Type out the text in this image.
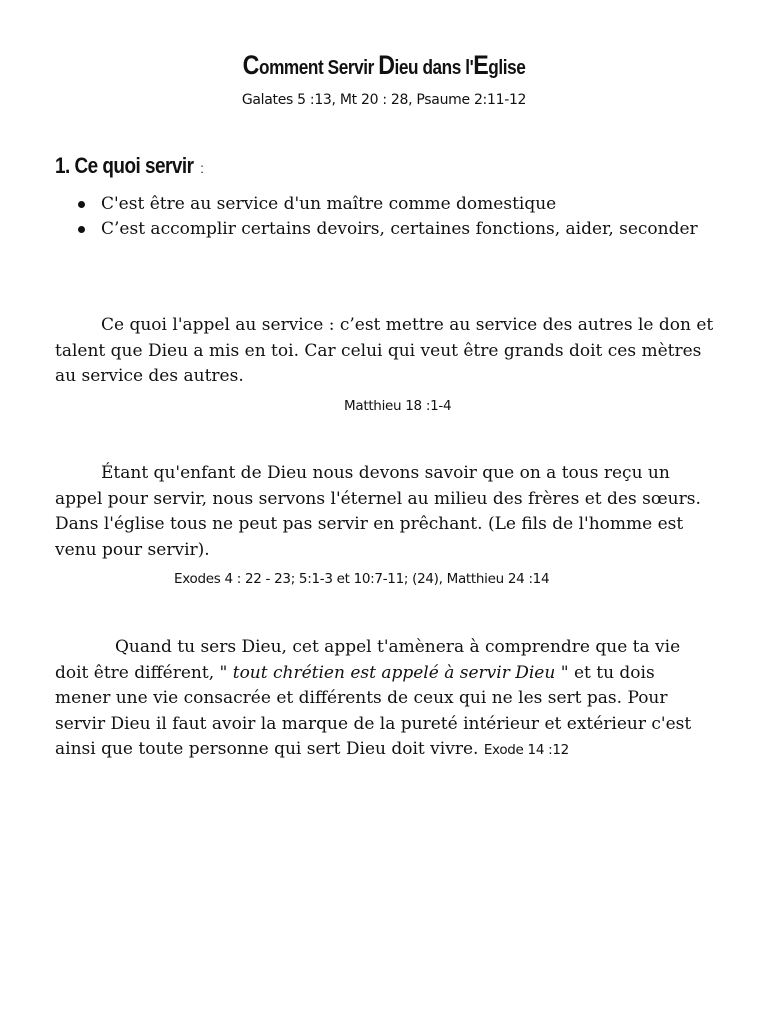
Comment Servir Dieu dans l'Eglise
Galates 5 :13, Mt 20 : 28, Psaume 2:11-12
1. Ce quoi servir :
C'est être au service d'un maître comme domestique
C’est accomplir certains devoirs, certaines fonctions, aider, seconder

Ce quoi l'appel au service : c’est mettre au service des autres le don et talent que Dieu a mis en toi. Car celui qui veut être grands doit ces mètres au service des autres.

Matthieu 18 :1-4

Étant qu'enfant de Dieu nous devons savoir que on a tous reçu un appel pour servir, nous servons l'éternel au milieu des frères et des sœurs. Dans l'église tous ne peut pas servir en prêchant. (Le fils de l'homme est venu pour servir).

Exodes 4 : 22 - 23; 5:1-3 et 10:7-11; (24), Matthieu 24 :14

Quand tu sers Dieu, cet appel t'amènera à comprendre que ta vie doit être différent, " tout chrétien est appelé à servir Dieu " et tu dois mener une vie consacrée et différents de ceux qui ne les sert pas. Pour servir Dieu il faut avoir la marque de la pureté intérieur et extérieur c'est ainsi que toute personne qui sert Dieu doit vivre. Exode 14 :12
